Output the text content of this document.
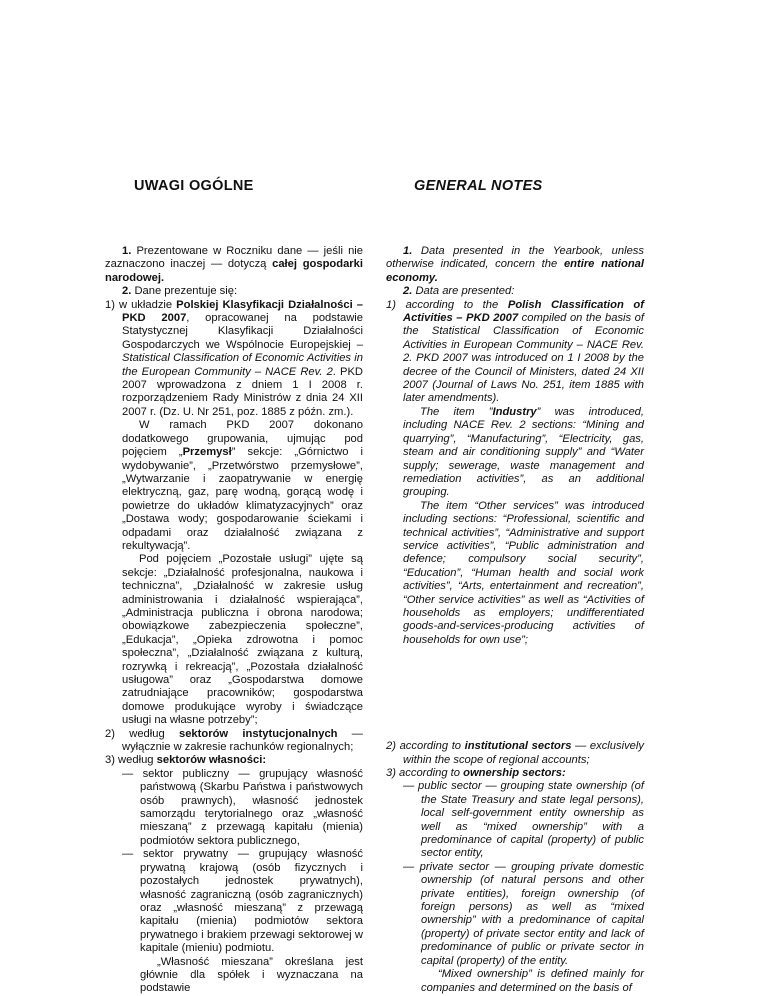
UWAGI OGÓLNE	GENERAL NOTES

1. Prezentowane w Roczniku dane — jeśli nie zaznaczono inaczej — dotyczą całej gospodarki narodowej.

2. Dane prezentuje się:

1) w układzie Polskiej Klasyfikacji Działalności – PKD 2007, opracowanej na podstawie Statystycznej Klasyfikacji Działalności Gospodarczych we Wspólnocie Europejskiej – Statistical Classification of Economic Activities in the European Community – NACE Rev. 2. PKD 2007 wprowadzona z dniem 1 I 2008 r. rozporządzeniem Rady Ministrów z dnia 24 XII 2007 r. (Dz. U. Nr 251, poz. 1885 z późn. zm.).

W ramach PKD 2007 dokonano dodatkowego grupowania, ujmując pod pojęciem „Przemysł” sekcje: „Górnictwo i wydobywanie”, „Przetwórstwo przemysłowe”, „Wytwarzanie i zaopatrywanie w energię elektryczną, gaz, parę wodną, gorącą wodę i powietrze do układów klimatyzacyjnych” oraz „Dostawa wody; gospodarowanie ściekami i odpadami oraz działalność związana z rekultywacją”.

Pod pojęciem „Pozostałe usługi” ujęte są sekcje: „Działalność profesjonalna, naukowa i techniczna”, „Działalność w zakresie usług administrowania i działalność wspierająca”, „Administracja publiczna i obrona narodowa; obowiązkowe zabezpieczenia społeczne”, „Edukacja”, „Opieka zdrowotna i pomoc społeczna”, „Działalność związana z kulturą, rozrywką i rekreacją”, „Pozostała działalność usługowa” oraz „Gospodarstwa domowe zatrudniające pracowników; gospodarstwa domowe produkujące wyroby i świadczące usługi na własne potrzeby”;

2) według sektorów instytucjonalnych — wyłącznie w zakresie rachunków regionalnych;

3) według sektorów własności:

— sektor publiczny — grupujący własność państwową (Skarbu Państwa i państwowych osób prawnych), własność jednostek samorządu terytorialnego oraz „własność mieszaną” z przewagą kapitału (mienia) podmiotów sektora publicznego,

— sektor prywatny — grupujący własność prywatną krajową (osób fizycznych i pozostałych jednostek prywatnych), własność zagraniczną (osób zagranicznych) oraz „własność mieszaną” z przewagą kapitału (mienia) podmiotów sektora prywatnego i brakiem przewagi sektorowej w kapitale (mieniu) podmiotu.

„Własność mieszana” określana jest głównie dla spółek i wyznaczana na podstawie

1. Data presented in the Yearbook, unless otherwise indicated, concern the entire national economy.

2. Data are presented:

1) according to the Polish Classification of Activities – PKD 2007 compiled on the basis of the Statistical Classification of Economic Activities in European Community – NACE Rev. 2. PKD 2007 was introduced on 1 I 2008 by the decree of the Council of Ministers, dated 24 XII 2007 (Journal of Laws No. 251, item 1885 with later amendments).

The item ”Industry” was introduced, including NACE Rev. 2 sections: “Mining and quarrying”, “Manufacturing”, “Electricity, gas, steam and air conditioning supply” and “Water supply; sewerage, waste management and remediation activities”, as an additional grouping.

The item “Other services” was introduced including sections: “Professional, scientific and technical activities”, “Administrative and support service activities”, “Public administration and defence; compulsory social security”, “Education”, “Human health and social work activities”, “Arts, entertainment and recreation”, “Other service activities” as well as “Activities of households as employers; undifferentiated goods-and-services-producing activities of households for own use”;

2) according to institutional sectors — exclusively within the scope of regional accounts;

3) according to ownership sectors:

— public sector — grouping state ownership (of the State Treasury and state legal persons), local self-government entity ownership as well as “mixed ownership” with a predominance of capital (property) of public sector entity,

— private sector — grouping private domestic ownership (of natural persons and other private entities), foreign ownership (of foreign persons) as well as “mixed ownership” with a predominance of capital (property) of private sector entity and lack of predominance of public or private sector in capital (property) of the entity.

“Mixed ownership” is defined mainly for companies and determined on the basis of
